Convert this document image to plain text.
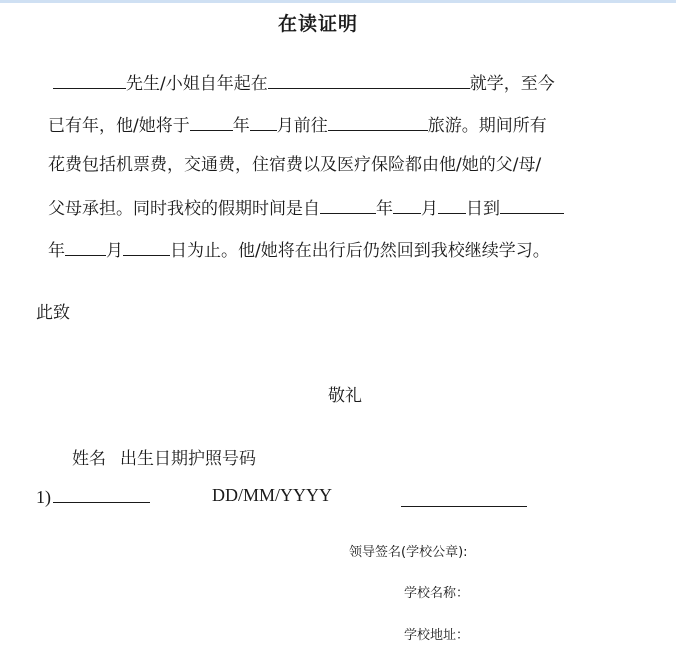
在读证明
先生/小姐自年起在	就学，至今
已有年，他/她将于	年 月前往	旅游。期间所有
花费包括机票费，交通费，住宿费以及医疗保险都由他/她的父/母/
父母承担。同时我校的假期时间是自	年 月 日到
年 月	日为止。他/她将在出行后仍然回到我校继续学习。
此致
敬礼
姓名 出生日期护照号码
1)	DD/MM/YYYY
领导签名(学校公章):
学校名称：
学校地址：
